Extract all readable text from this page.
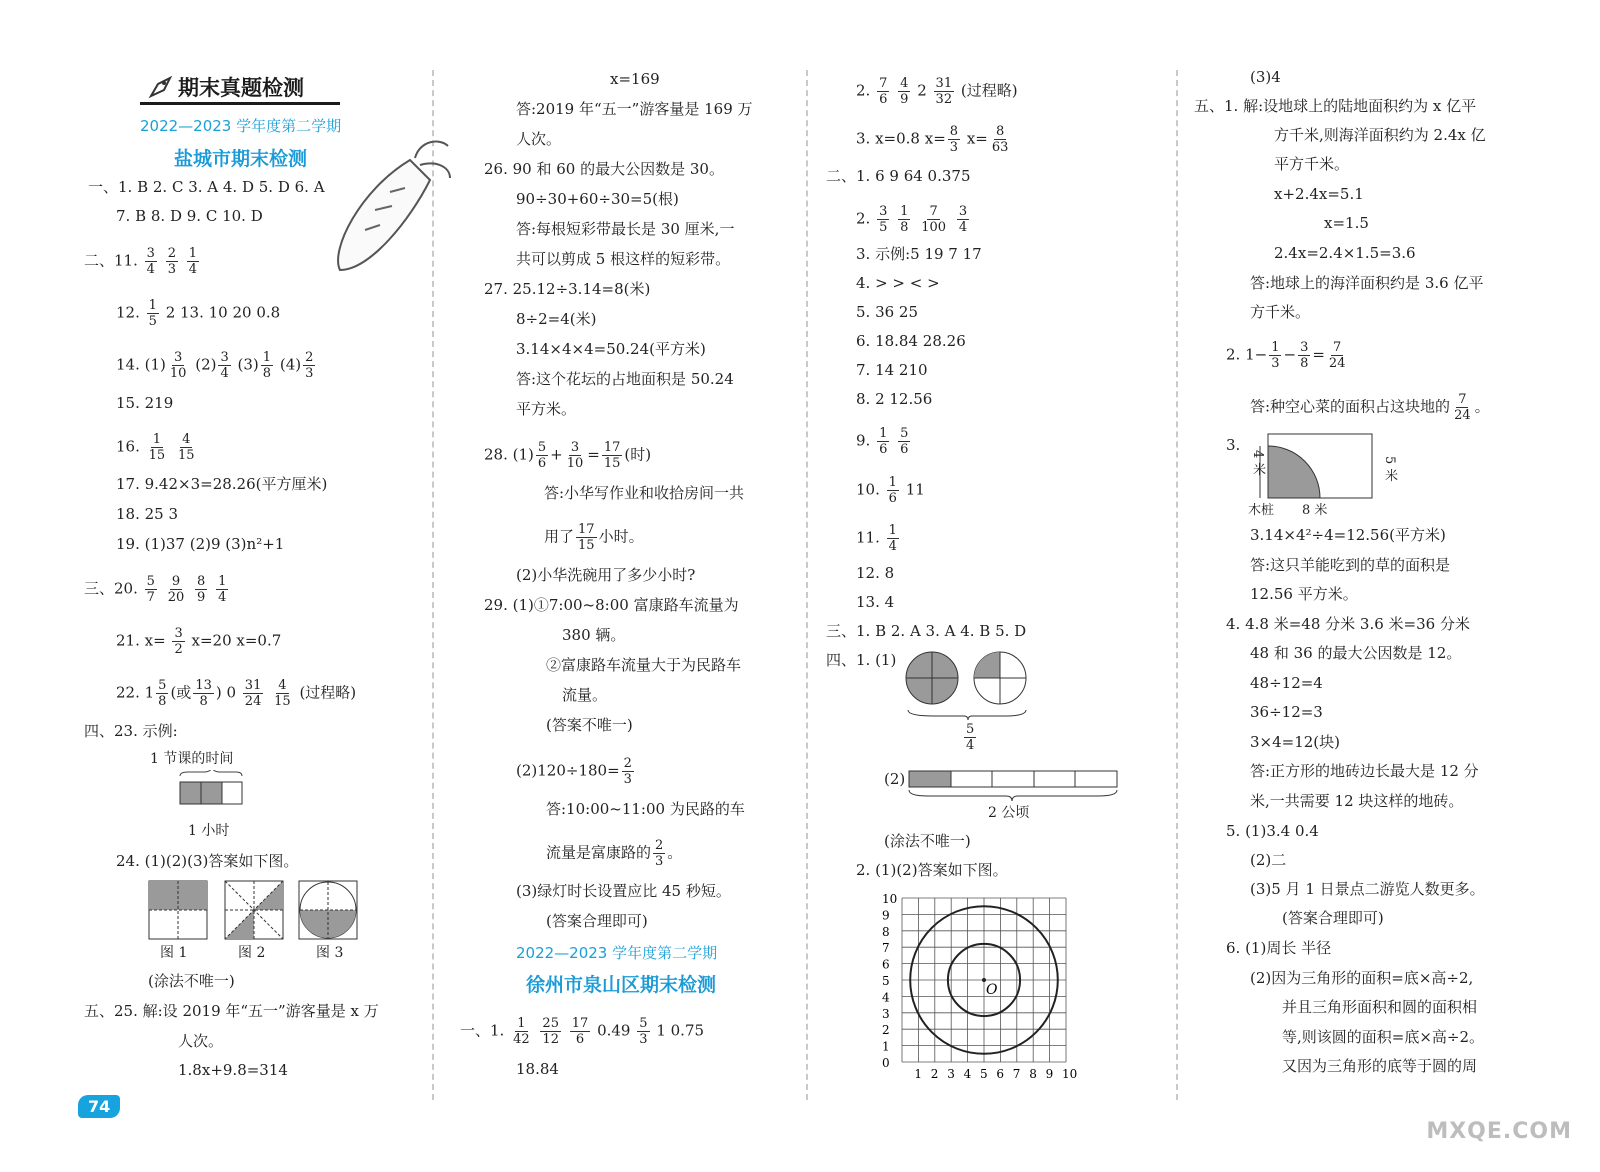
期末真题检测
2022—2023 学年度第二学期
盐城市期末检测
一、1. B 2. C 3. A 4. D 5. D 6. A
7. B 8. D 9. C 10. D
二、11. $\frac{3}{4}$
$\frac{2}{3}$
$\frac{1}{4}$
12. $\frac{1}{5} 2$ 13. 10 20 0.8
14. $(1) \frac{3}{10} (2) \frac{3}{4} (3) \frac{1}{8} (4) \frac{2}{3}$
15. 219
16. $\frac{1}{15}$
$\frac{4}{15}$
17. 9.42×3=28.26(平方厘米)
18. 25 3
19. (1)37 (2)9 (3)n²+1
三、20. $\frac{5}{7}$
$\frac{9}{20}$
$\frac{8}{9}$
$\frac{1}{4}$
21. $x= \frac{3}{2} x=20$ x=0.7
22. $1 \frac{5}{8}$ (或 $\frac{13}{8}$ ) $0 \frac{31}{24}$
$\frac{4}{15}$ (过程略)
四、23. 示例:
1 节课的时间
1 小时
24. (1)(2)(3)答案如下图。
图 1	图 2	图 3
(涂法不唯一)
五、25. 解:设 2019 年“五一”游客量是 x 万
人次。
1.8x+9.8=314
74
x=169
答:2019 年“五一”游客量是 169 万
人次。
26. 90 和 60 的最大公因数是 30。
90÷30+60÷30=5(根)
答:每根短彩带最长是 30 厘米,一
共可以剪成 5 根这样的短彩带。
27. 25.12÷3.14=8(米)
8÷2=4(米)
3.14×4×4=50.24(平方米)
答:这个花坛的占地面积是 50.24
平方米。
28. $(1) \frac{5}{6} + \frac{3}{10} = \frac{17}{15}$ (时)
答:小华写作业和收拾房间一共
用了 $\frac{17}{15}$ 小时。
(2)小华洗碗用了多少小时?
29. (1)①7:00~8:00 富康路车流量为
380 辆。
②富康路车流量大于为民路车
流量。
(答案不唯一)
$(2)120\div 180= \frac{2}{3}$
答:10:00~11:00 为民路的车
流量是富康路的 $\frac{2}{3}$ 。
(3)绿灯时长设置应比 45 秒短。
(答案合理即可)
2022—2023 学年度第二学期
徐州市泉山区期末检测
一、1. $\frac{1}{42}$
$\frac{25}{12}$
$\frac{17}{6} 0.49 \frac{5}{3} 1$ 0.75
18.84
2. $\frac{7}{6}$
$\frac{4}{9} 2 \frac{31}{32}$ (过程略)
3. x=0.8 $x= \frac{8}{3} x= \frac{8}{63}$
二、1. 6 9 64 0.375
2. $\frac{3}{5}$
$\frac{1}{8}$
$\frac{7}{100}$
$\frac{3}{4}$
3. 示例:5 19 7 17
4. > > < >
5. 36 25
6. 18.84 28.26
7. 14 210
8. 2 12.56
9. $\frac{1}{6}$
$\frac{5}{6}$
10. $\frac{1}{6} 11$
11. $\frac{1}{4}$
12. 8
13. 4
三、1. B 2. A 3. A 4. B 5. D
四、1. (1)
$\frac{5}{4}$
(2)
2 公顷
(涂法不唯一)
2. (1)(2)答案如下图。
O
10
9
8
7
6
5
4
3
2
1
0
1 2 3 4 5 6 7 8 9 10
(3)4
五、1. 解:设地球上的陆地面积约为 x 亿平
方千米,则海洋面积约为 2.4x 亿
平方千米。
x+2.4x=5.1
x=1.5
2.4x=2.4×1.5=3.6
答:地球上的海洋面积约是 3.6 亿平
方千米。
2. $1- \frac{1}{3} - \frac{3}{8} = \frac{7}{24}$
答:种空心菜的面积占这块地的 $\frac{7}{24}$ 。
3.
5 米
4 米
木桩 8 米
3.14×4²÷4=12.56(平方米)
答:这只羊能吃到的草的面积是
12.56 平方米。
4. 4.8 米=48 分米 3.6 米=36 分米
48 和 36 的最大公因数是 12。
48÷12=4
36÷12=3
3×4=12(块)
答:正方形的地砖边长最大是 12 分
米,一共需要 12 块这样的地砖。
5. (1)3.4 0.4
(2)二
(3)5 月 1 日景点二游览人数更多。
(答案合理即可)
6. (1)周长 半径
(2)因为三角形的面积=底×高÷2,
并且三角形面积和圆的面积相
等,则该圆的面积=底×高÷2。
又因为三角形的底等于圆的周
MXQE.COM
